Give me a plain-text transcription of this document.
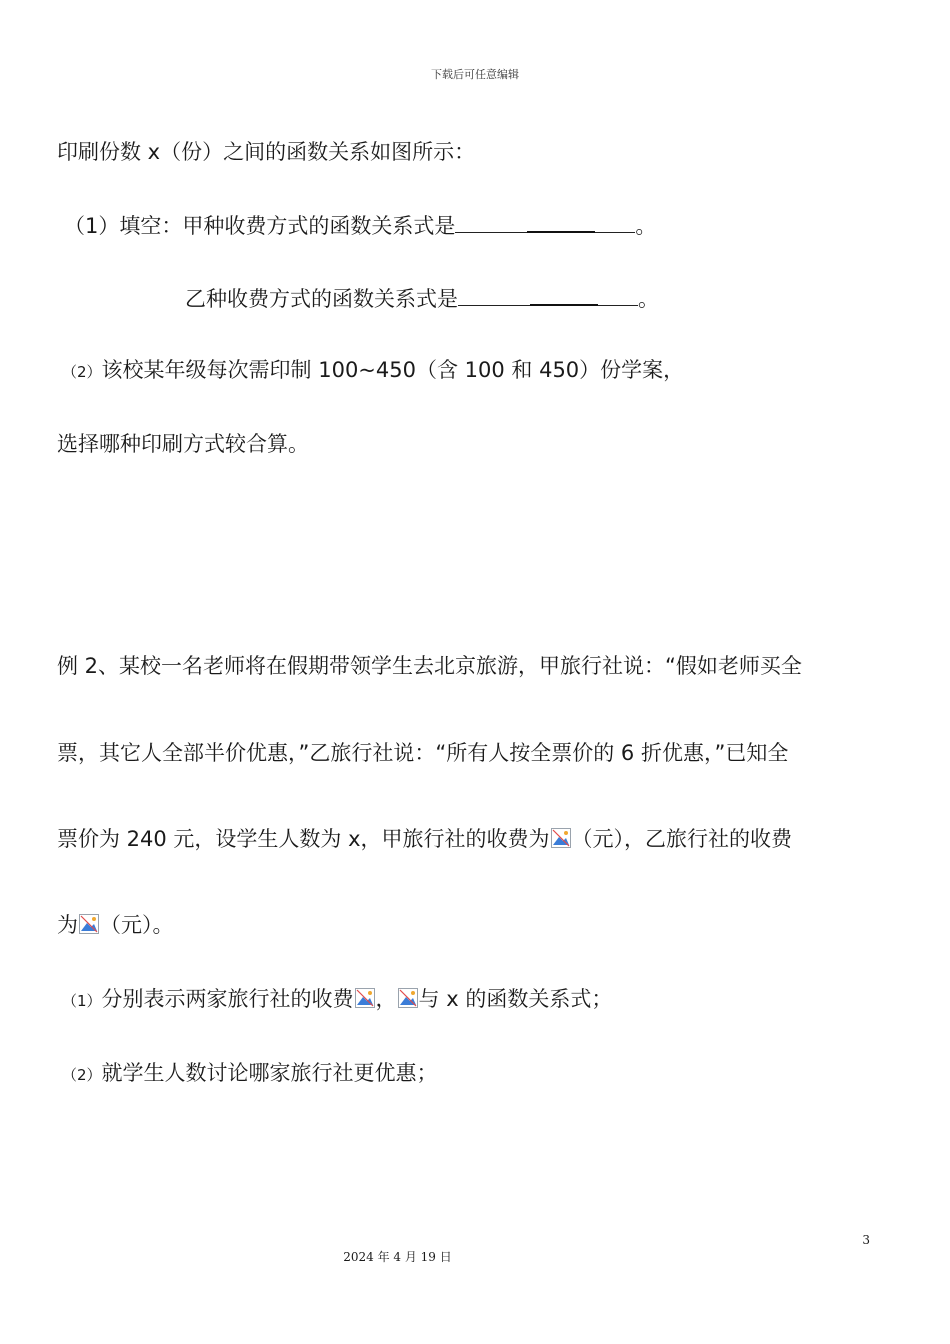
下载后可任意编辑
印刷份数 x（份）之间的函数关系如图所示：
（1）填空：甲种收费方式的函数关系式是	。
乙种收费方式的函数关系式是	。
（2）该校某年级每次需印制 100~450（含 100 和 450）份学案，
选择哪种印刷方式较合算。
例 2、某校一名老师将在假期带领学生去北京旅游，甲旅行社说：“假如老师买全
票，其它人全部半价优惠，”乙旅行社说：“所有人按全票价的 6 折优惠，”已知全
票价为 240 元，设学生人数为 x，甲旅行社的收费为 （元），乙旅行社的收费
为 （元）。
（1）分别表示两家旅行社的收费 ， 与 x 的函数关系式；
（2）就学生人数讨论哪家旅行社更优惠；
3
2024 年 4 月 19 日
